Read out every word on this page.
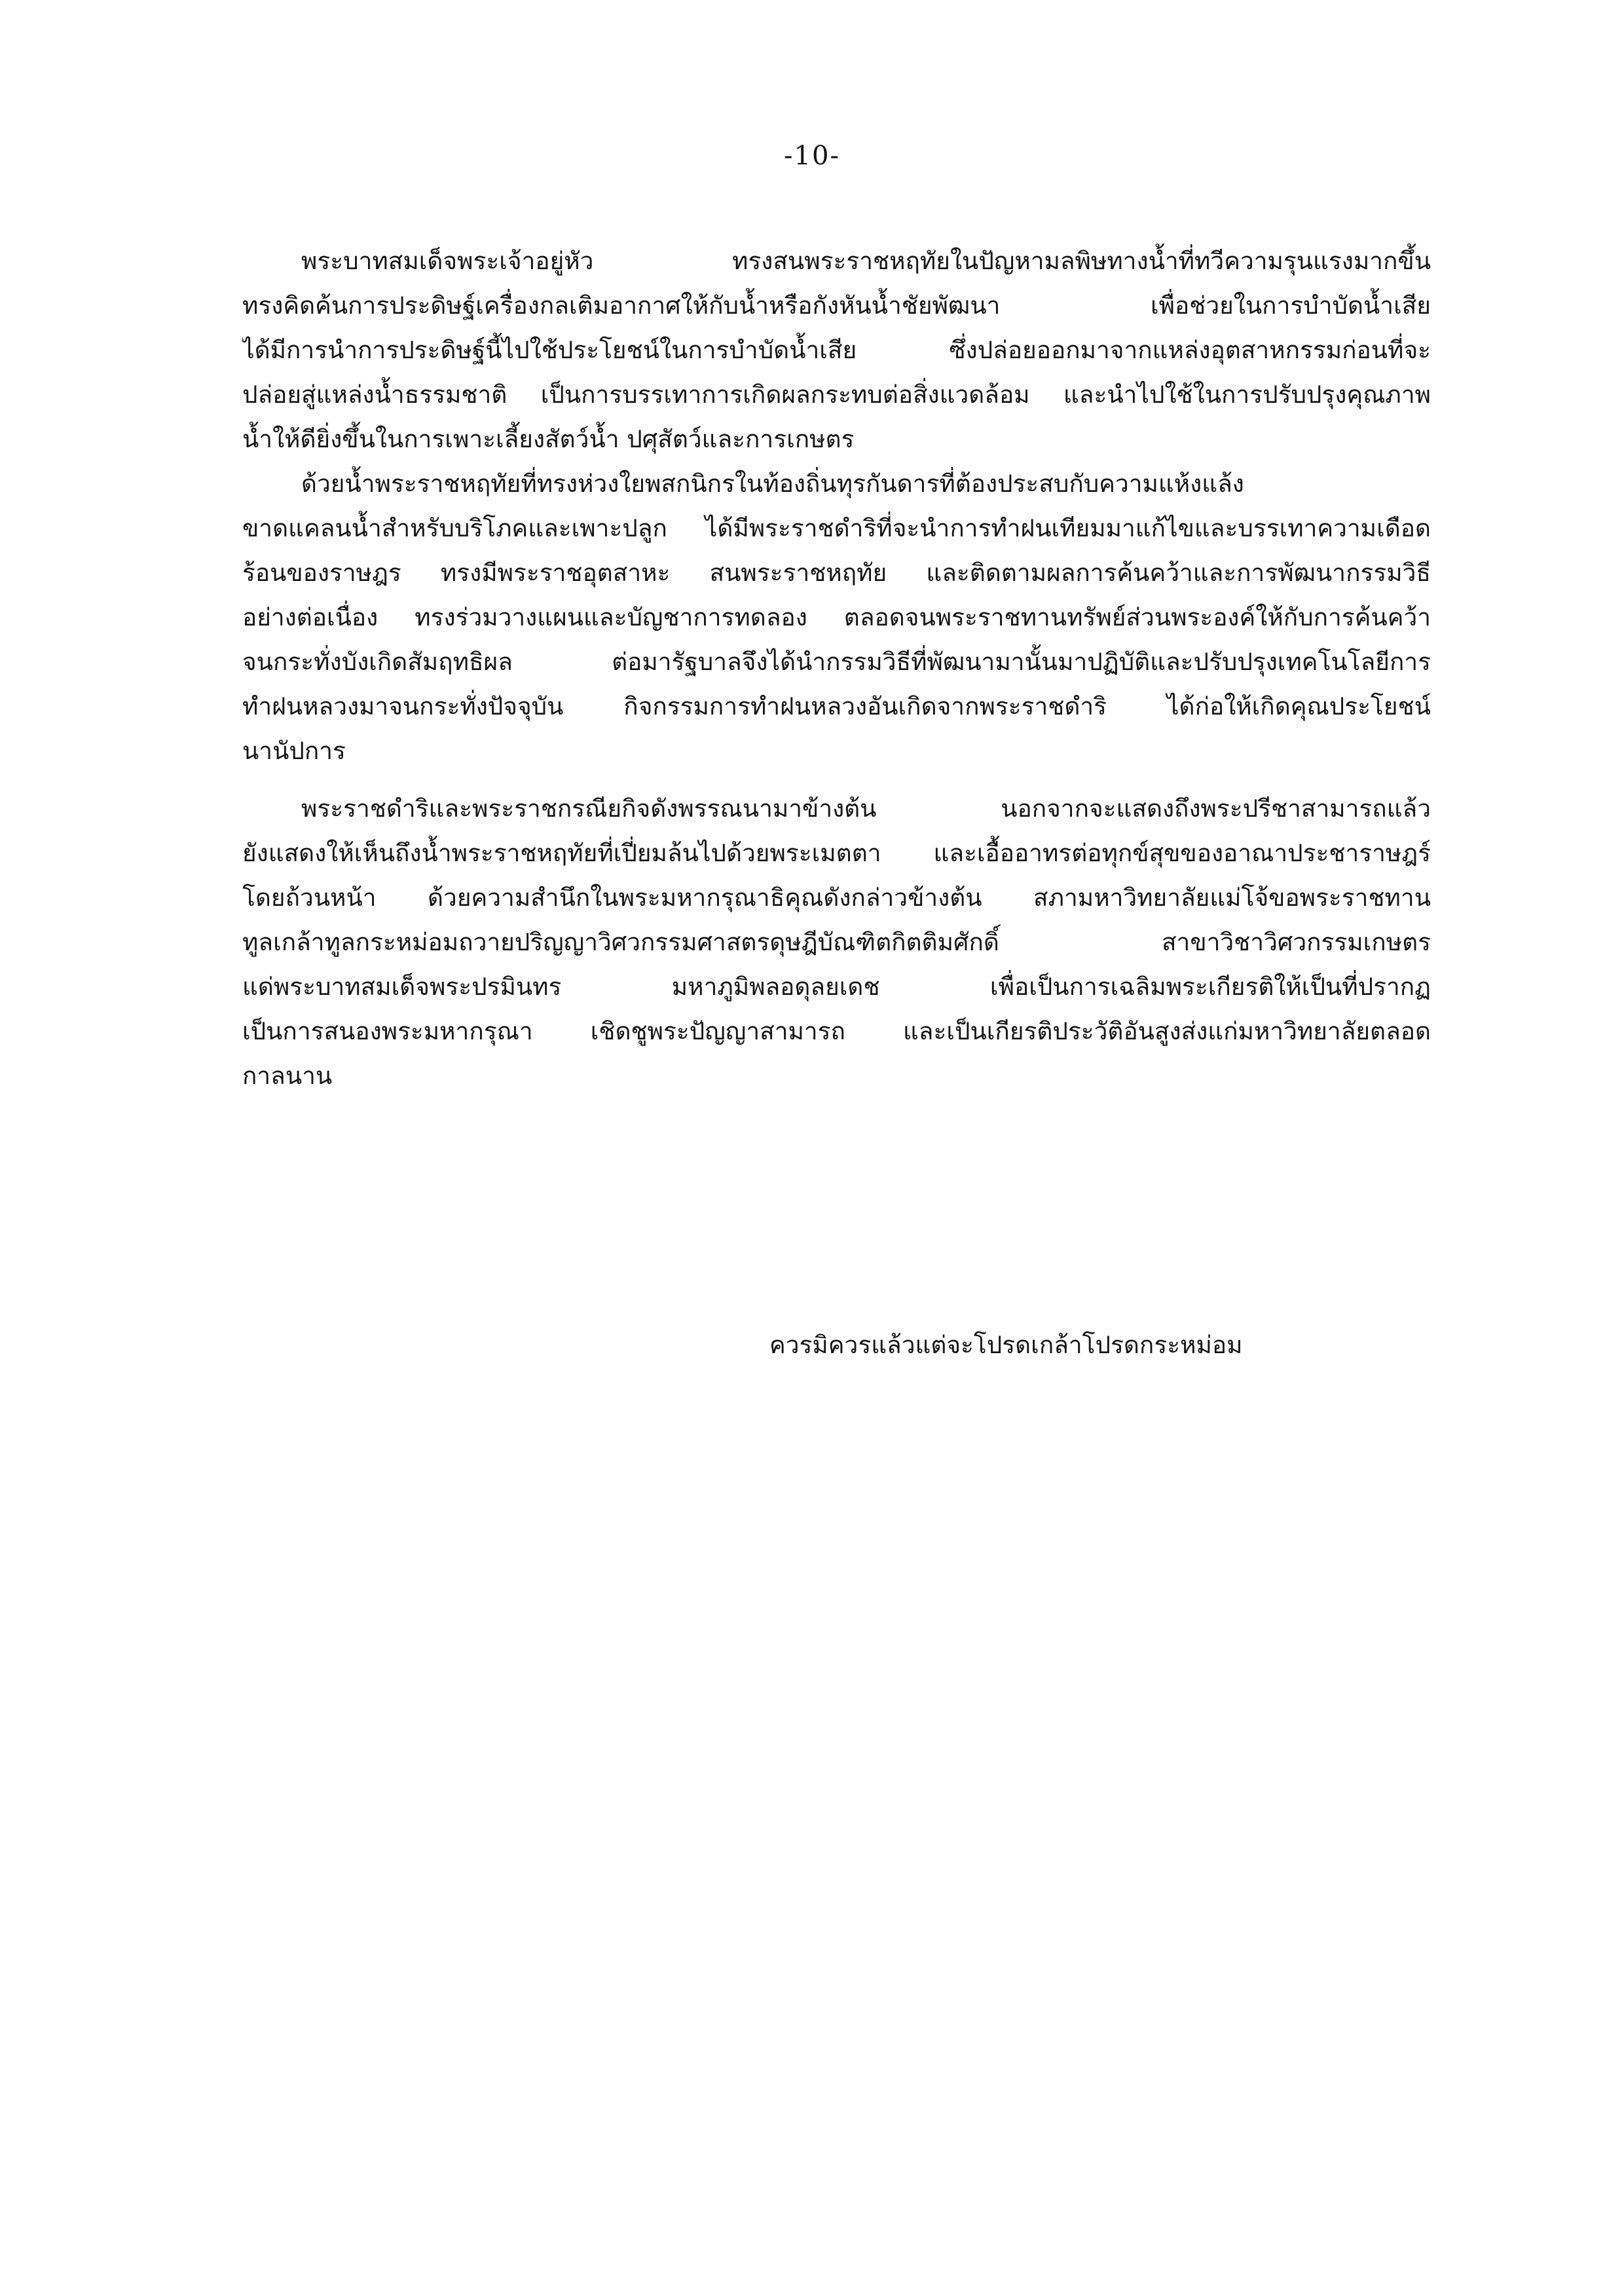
-10-
พระบาทสมเด็จพระเจ้าอยู่หัว ทรงสนพระราชหฤทัยในปัญหามลพิษทางน้ำที่ทวีความรุนแรงมากขึ้น
ทรงคิดค้นการประดิษฐ์เครื่องกลเติมอากาศให้กับน้ำหรือกังหันน้ำชัยพัฒนา เพื่อช่วยในการบำบัดน้ำเสีย
ได้มีการนำการประดิษฐ์นี้ไปใช้ประโยชน์ในการบำบัดน้ำเสีย ซึ่งปล่อยออกมาจากแหล่งอุตสาหกรรมก่อนที่จะ
ปล่อยสู่แหล่งน้ำธรรมชาติ เป็นการบรรเทาการเกิดผลกระทบต่อสิ่งแวดล้อม และนำไปใช้ในการปรับปรุงคุณภาพ
น้ำให้ดียิ่งขึ้นในการเพาะเลี้ยงสัตว์น้ำ ปศุสัตว์และการเกษตร
ด้วยน้ำพระราชหฤทัยที่ทรงห่วงใยพสกนิกรในท้องถิ่นทุรกันดารที่ต้องประสบกับความแห้งแล้ง
ขาดแคลนน้ำสำหรับบริโภคและเพาะปลูก ได้มีพระราชดำริที่จะนำการทำฝนเทียมมาแก้ไขและบรรเทาความเดือด
ร้อนของราษฎร ทรงมีพระราชอุตสาหะ สนพระราชหฤทัย และติดตามผลการค้นคว้าและการพัฒนากรรมวิธี
อย่างต่อเนื่อง ทรงร่วมวางแผนและบัญชาการทดลอง ตลอดจนพระราชทานทรัพย์ส่วนพระองค์ให้กับการค้นคว้า
จนกระทั่งบังเกิดสัมฤทธิผล ต่อมารัฐบาลจึงได้นำกรรมวิธีที่พัฒนามานั้นมาปฏิบัติและปรับปรุงเทคโนโลยีการ
ทำฝนหลวงมาจนกระทั่งปัจจุบัน กิจกรรมการทำฝนหลวงอันเกิดจากพระราชดำริ ได้ก่อให้เกิดคุณประโยชน์
นานัปการ
พระราชดำริและพระราชกรณียกิจดังพรรณนามาข้างต้น นอกจากจะแสดงถึงพระปรีชาสามารถแล้ว
ยังแสดงให้เห็นถึงน้ำพระราชหฤทัยที่เปี่ยมล้นไปด้วยพระเมตตา และเอื้ออาทรต่อทุกข์สุขของอาณาประชาราษฎร์
โดยถ้วนหน้า ด้วยความสำนึกในพระมหากรุณาธิคุณดังกล่าวข้างต้น สภามหาวิทยาลัยแม่โจ้ขอพระราชทาน
ทูลเกล้าทูลกระหม่อมถวายปริญญาวิศวกรรมศาสตรดุษฎีบัณฑิตกิตติมศักดิ์ สาขาวิชาวิศวกรรมเกษตร
แด่พระบาทสมเด็จพระปรมินทร มหาภูมิพลอดุลยเดช เพื่อเป็นการเฉลิมพระเกียรติให้เป็นที่ปรากฏ
เป็นการสนองพระมหากรุณา เชิดชูพระปัญญาสามารถ และเป็นเกียรติประวัติอันสูงส่งแก่มหาวิทยาลัยตลอด
กาลนาน
ควรมิควรแล้วแต่จะโปรดเกล้าโปรดกระหม่อม
